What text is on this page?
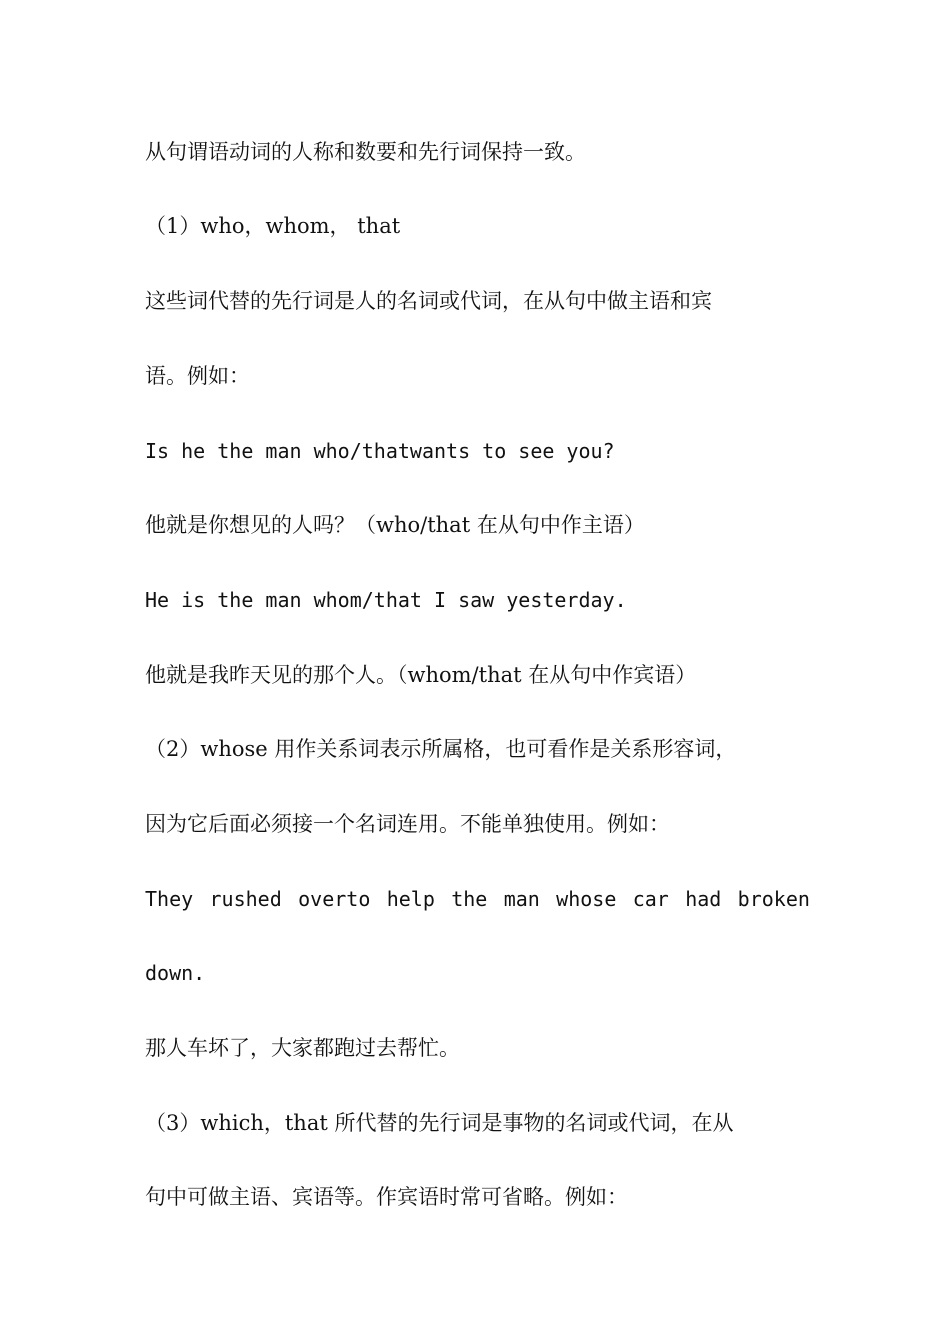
从句谓语动词的人称和数要和先行词保持一致。
（1）who，whom， that
这些词代替的先行词是人的名词或代词，在从句中做主语和宾
语。例如：
Is he the man who/thatwants to see you?
他就是你想见的人吗？（who/that 在从句中作主语）
He is the man whom/that I saw yesterday.
他就是我昨天见的那个人。（whom/that 在从句中作宾语）
（2）whose 用作关系词表示所属格，也可看作是关系形容词，
因为它后面必须接一个名词连用。不能单独使用。例如：
They rushed overto help the man whose car had broken
down.
那人车坏了，大家都跑过去帮忙。
（3）which，that 所代替的先行词是事物的名词或代词，在从
句中可做主语、宾语等。作宾语时常可省略。例如：
